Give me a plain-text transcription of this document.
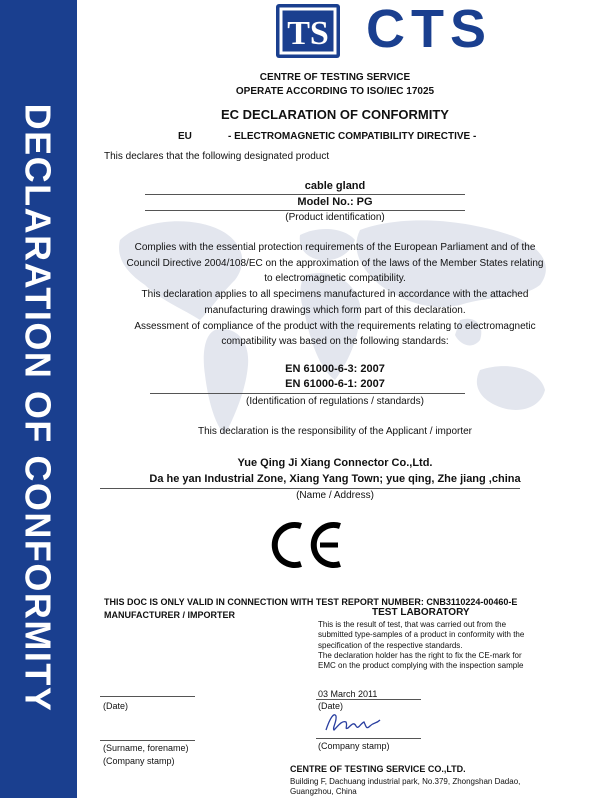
DECLARATION OF CONFORMITY
TS CTS
CENTRE OF TESTING SERVICE
OPERATE ACCORDING TO ISO/IEC 17025
EC DECLARATION OF CONFORMITY
EU	- ELECTROMAGNETIC COMPATIBILITY DIRECTIVE -
This declares that the following designated product
cable gland
Model No.: PG
(Product identification)
Complies with the essential protection requirements of the European Parliament and of the
Council Directive 2004/108/EC on the approximation of the laws of the Member States relating
to electromagnetic compatibility.
This declaration applies to all specimens manufactured in accordance with the attached
manufacturing drawings which form part of this declaration.
Assessment of compliance of the product with the requirements relating to electromagnetic
compatibility was based on the following standards:
EN 61000-6-3: 2007
EN 61000-6-1: 2007
(Identification of regulations / standards)
This declaration is the responsibility of the Applicant / importer
Yue Qing Ji Xiang Connector Co.,Ltd.
Da he yan Industrial Zone, Xiang Yang Town; yue qing, Zhe jiang ,china
(Name / Address)
THIS DOC IS ONLY VALID IN CONNECTION WITH TEST REPORT NUMBER: CNB3110224-00460-E
MANUFACTURER / IMPORTER
(Date)
(Surname, forename)
(Company stamp)
TEST LABORATORY
This is the result of test, that was carried out from the
submitted type-samples of a product in conformity with the
specification of the respective standards.
The declaration holder has the right to fix the CE-mark for
EMC on the product complying with the inspection sample
03 March 2011
(Date)
(Company stamp)
CENTRE OF TESTING SERVICE CO.,LTD.
Building F, Dachuang industrial park, No.379, Zhongshan Dadao,
Guangzhou, China
